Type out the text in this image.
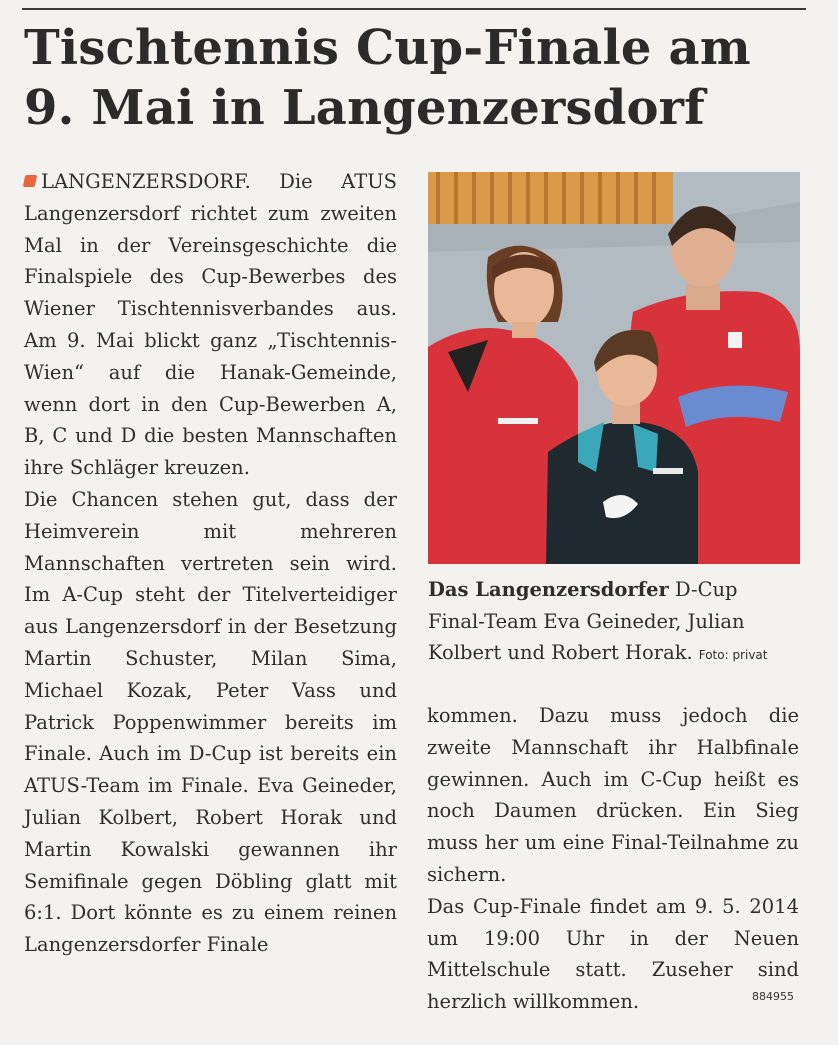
Tischtennis Cup-Finale am
9. Mai in Langenzersdorf

LANGENZERSDORF. Die ATUS Langenzersdorf richtet zum zweiten Mal in der Vereinsgeschichte die Finalspiele des Cup-Bewerbes des Wiener Tischtennisverbandes aus. Am 9. Mai blickt ganz „Tischtennis-Wien“ auf die Hanak-Gemeinde, wenn dort in den Cup-Bewerben A, B, C und D die besten Mannschaften ihre Schläger kreuzen.

Die Chancen stehen gut, dass der Heimverein mit mehreren Mannschaften vertreten sein wird. Im A-Cup steht der Titelverteidiger aus Langenzersdorf in der Besetzung Martin Schuster, Milan Sima, Michael Kozak, Peter Vass und Patrick Poppenwimmer bereits im Finale. Auch im D-Cup ist bereits ein ATUS-Team im Finale. Eva Geineder, Julian Kolbert, Robert Horak und Martin Kowalski gewannen ihr Semifinale gegen Döbling glatt mit 6:1. Dort könnte es zu einem reinen Langenzersdorfer Finale

Das Langenzersdorfer D-Cup Final-Team Eva Geineder, Julian Kolbert und Robert Horak. Foto: privat

kommen. Dazu muss jedoch die zweite Mannschaft ihr Halbfinale gewinnen. Auch im C-Cup heißt es noch Daumen drücken. Ein Sieg muss her um eine Final-Teilnahme zu sichern.

Das Cup-Finale findet am 9. 5. 2014 um 19:00 Uhr in der Neuen Mittelschule statt. Zuseher sind herzlich willkommen.	884955
